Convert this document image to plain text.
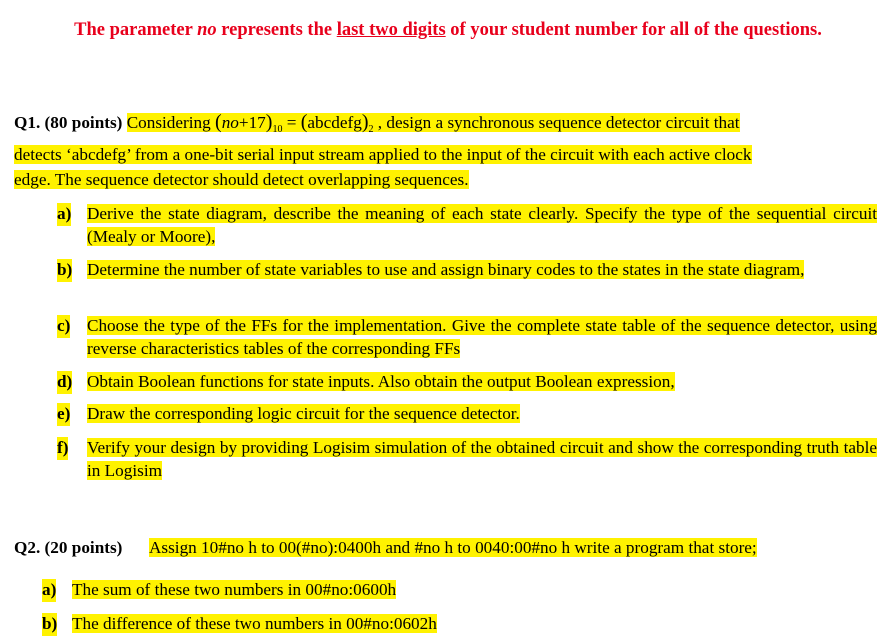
The parameter no represents the last two digits of your student number for all of the questions.
Q1. (80 points) Considering $(no+17)_{10}$ = $(abcdefg)_2$ , design a synchronous sequence detector circuit that
detects ‘abcdefg’ from a one-bit serial input stream applied to the input of the circuit with each active clock
edge. The sequence detector should detect overlapping sequences.
a) Derive the state diagram, describe the meaning of each state clearly. Specify the type of the sequential circuit (Mealy or Moore),
b) Determine the number of state variables to use and assign binary codes to the states in the state diagram,
c) Choose the type of the FFs for the implementation. Give the complete state table of the sequence detector, using reverse characteristics tables of the corresponding FFs
d) Obtain Boolean functions for state inputs. Also obtain the output Boolean expression,
e) Draw the corresponding logic circuit for the sequence detector.
f) Verify your design by providing Logisim simulation of the obtained circuit and show the corresponding truth table in Logisim
Q2. (20 points) Assign 10#no h to 00(#no):0400h and #no h to 0040:00#no h write a program that store;
a) The sum of these two numbers in 00#no:0600h
b) The difference of these two numbers in 00#no:0602h
